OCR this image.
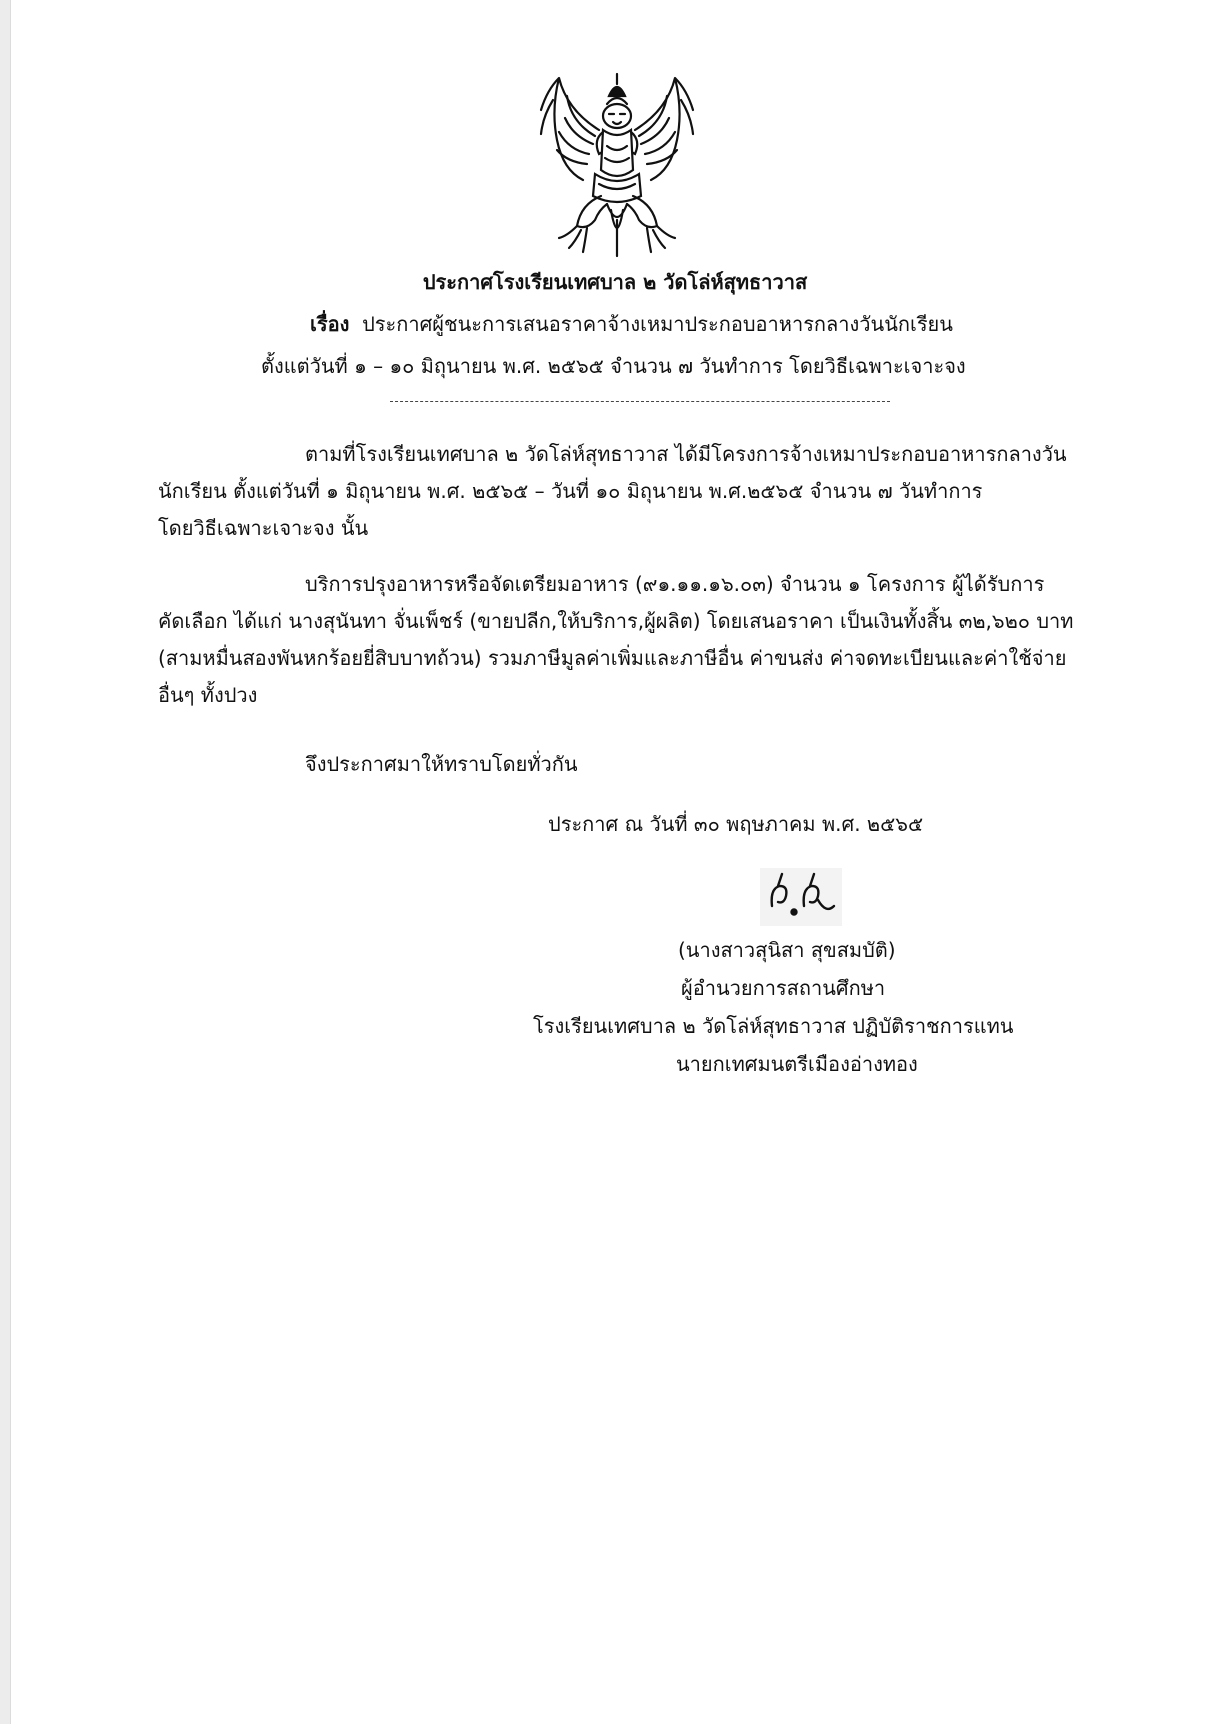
ประกาศโรงเรียนเทศบาล ๒ วัดโล่ห์สุทธาวาส
เรื่อง ประกาศผู้ชนะการเสนอราคาจ้างเหมาประกอบอาหารกลางวันนักเรียน
ตั้งแต่วันที่ ๑ – ๑๐ มิถุนายน พ.ศ. ๒๕๖๕ จำนวน ๗ วันทำการ โดยวิธีเฉพาะเจาะจง
ตามที่โรงเรียนเทศบาล ๒ วัดโล่ห์สุทธาวาส ได้มีโครงการจ้างเหมาประกอบอาหารกลางวัน
นักเรียน ตั้งแต่วันที่ ๑ มิถุนายน พ.ศ. ๒๕๖๕ – วันที่ ๑๐ มิถุนายน พ.ศ.๒๕๖๕ จำนวน ๗ วันทำการ
โดยวิธีเฉพาะเจาะจง นั้น
บริการปรุงอาหารหรือจัดเตรียมอาหาร (๙๑.๑๑.๑๖.๐๓) จำนวน ๑ โครงการ ผู้ได้รับการ
คัดเลือก ได้แก่ นางสุนันทา จั่นเพ็ชร์ (ขายปลีก,ให้บริการ,ผู้ผลิต) โดยเสนอราคา เป็นเงินทั้งสิ้น ๓๒,๖๒๐ บาท
(สามหมื่นสองพันหกร้อยยี่สิบบาทถ้วน) รวมภาษีมูลค่าเพิ่มและภาษีอื่น ค่าขนส่ง ค่าจดทะเบียนและค่าใช้จ่าย
อื่นๆ ทั้งปวง
จึงประกาศมาให้ทราบโดยทั่วกัน
ประกาศ ณ วันที่ ๓๐ พฤษภาคม พ.ศ. ๒๕๖๕
(นางสาวสุนิสา สุขสมบัติ)
ผู้อำนวยการสถานศึกษา
โรงเรียนเทศบาล ๒ วัดโล่ห์สุทธาวาส ปฏิบัติราชการแทน
นายกเทศมนตรีเมืองอ่างทอง
